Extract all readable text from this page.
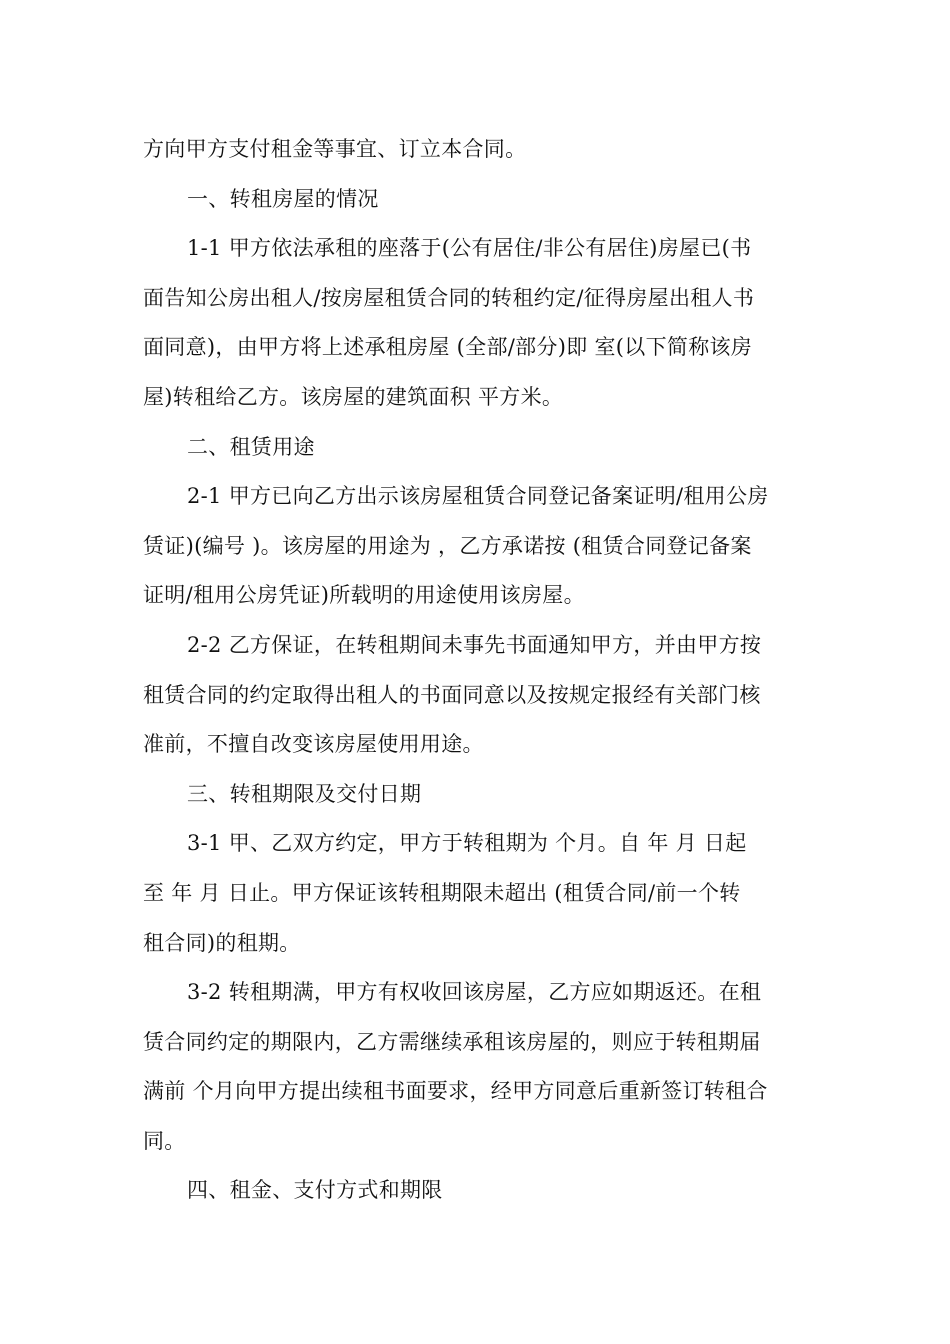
方向甲方支付租金等事宜、订立本合同。
一、转租房屋的情况
1-1 甲方依法承租的座落于(公有居住/非公有居住)房屋已(书
面告知公房出租人/按房屋租赁合同的转租约定/征得房屋出租人书
面同意)，由甲方将上述承租房屋 (全部/部分)即 室(以下简称该房
屋)转租给乙方。该房屋的建筑面积 平方米。
二、租赁用途
2-1 甲方已向乙方出示该房屋租赁合同登记备案证明/租用公房
赁证)(编号 )。该房屋的用途为 ，乙方承诺按 (租赁合同登记备案
证明/租用公房凭证)所载明的用途使用该房屋。
2-2 乙方保证，在转租期间未事先书面通知甲方，并由甲方按
租赁合同的约定取得出租人的书面同意以及按规定报经有关部门核
准前，不擅自改变该房屋使用用途。
三、转租期限及交付日期
3-1 甲、乙双方约定，甲方于转租期为 个月。自 年 月 日起
至 年 月 日止。甲方保证该转租期限未超出 (租赁合同/前一个转
租合同)的租期。
3-2 转租期满，甲方有权收回该房屋，乙方应如期返还。在租
赁合同约定的期限内，乙方需继续承租该房屋的，则应于转租期届
满前 个月向甲方提出续租书面要求，经甲方同意后重新签订转租合
同。
四、租金、支付方式和期限
